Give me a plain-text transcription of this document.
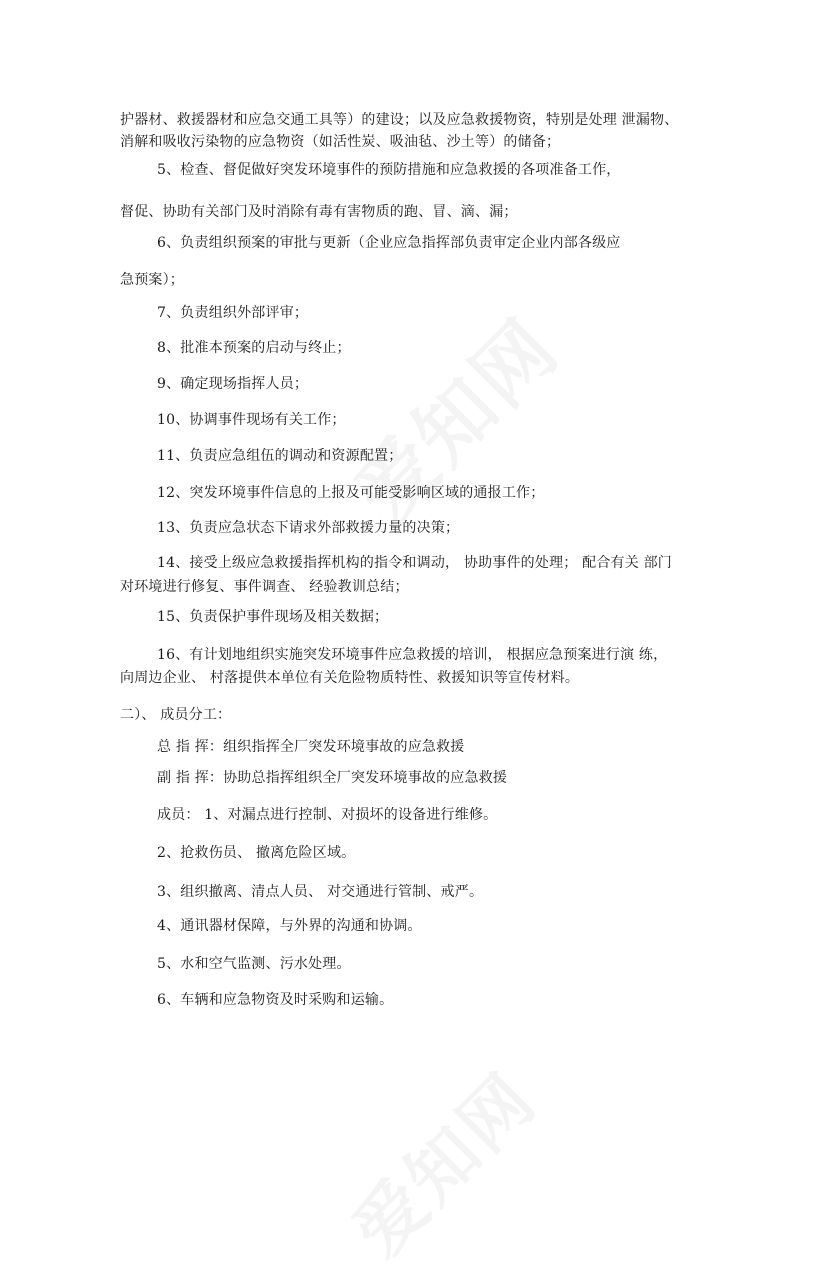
护器材、救援器材和应急交通工具等）的建设；以及应急救援物资，特别是处理 泄漏物、
消解和吸收污染物的应急物资（如活性炭、吸油毡、沙土等）的储备；
5、检查、督促做好突发环境事件的预防措施和应急救援的各项准备工作，
督促、协助有关部门及时消除有毒有害物质的跑、冒、滴、漏；
6、负责组织预案的审批与更新（企业应急指挥部负责审定企业内部各级应
急预案）；
7、负责组织外部评审；
8、批准本预案的启动与终止；
9、确定现场指挥人员；
10、协调事件现场有关工作；
11、负责应急组伍的调动和资源配置；
12、突发环境事件信息的上报及可能受影响区域的通报工作；
13、负责应急状态下请求外部救援力量的决策；
14、接受上级应急救援指挥机构的指令和调动， 协助事件的处理； 配合有关 部门
对环境进行修复、事件调查、 经验教训总结；
15、负责保护事件现场及相关数据；
16、有计划地组织实施突发环境事件应急救援的培训， 根据应急预案进行演 练，
向周边企业、 村落提供本单位有关危险物质特性、救援知识等宣传材料。
二）、 成员分工：
总 指 挥：组织指挥全厂突发环境事故的应急救援
副 指 挥：协助总指挥组织全厂突发环境事故的应急救援
成员： 1、对漏点进行控制、对损坏的设备进行维修。
2、抢救伤员、 撤离危险区域。
3、组织撤离、清点人员、 对交通进行管制、戒严。
4、通讯器材保障，与外界的沟通和协调。
5、水和空气监测、污水处理。
6、车辆和应急物资及时采购和运输。
